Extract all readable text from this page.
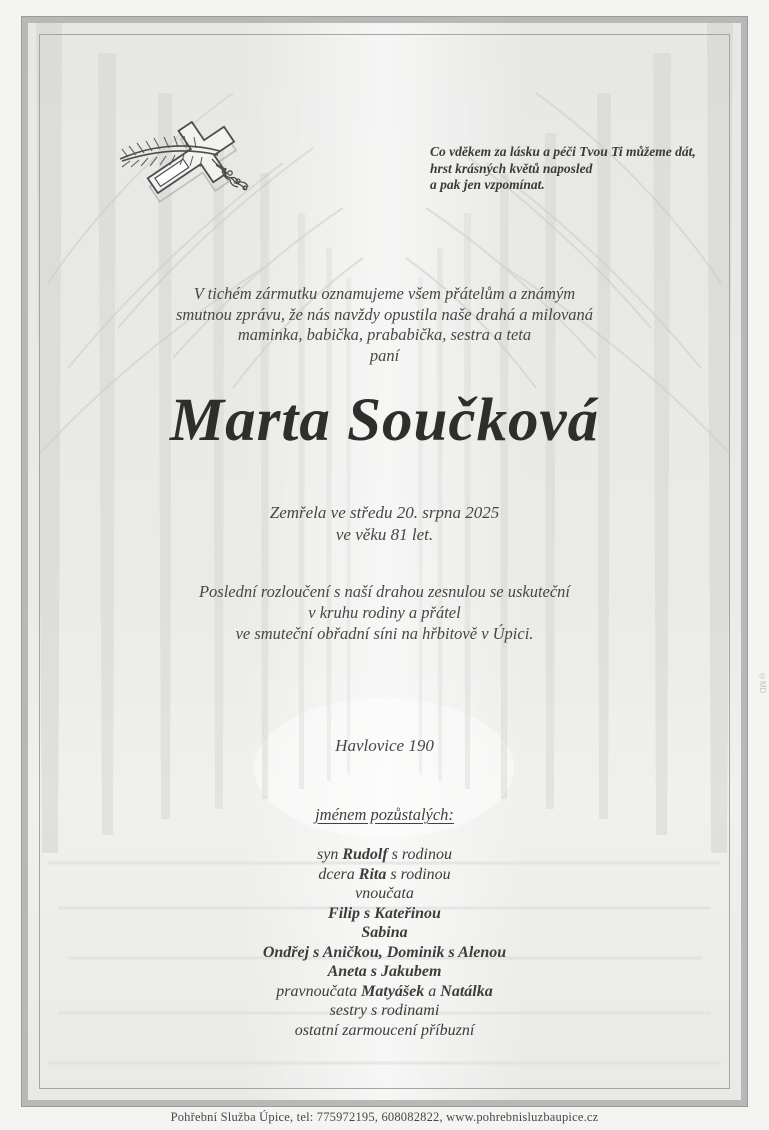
Co vděkem za lásku a péči Tvou Ti můžeme dát,
hrst krásných květů naposled
a pak jen vzpomínat.
V tichém zármutku oznamujeme všem přátelům a známým
smutnou zprávu, že nás navždy opustila naše drahá a milovaná
maminka, babička, prababička, sestra a teta
paní
Marta Součková
Zemřela ve středu 20. srpna 2025
ve věku 81 let.
Poslední rozloučení s naší drahou zesnulou se uskuteční
v kruhu rodiny a přátel
ve smuteční obřadní síni na hřbitově v Úpici.
Havlovice 190
jménem pozůstalých:
syn Rudolf s rodinou
dcera Rita s rodinou
vnoučata
Filip s Kateřinou
Sabina
Ondřej s Aničkou, Dominik s Alenou
Aneta s Jakubem
pravnoučata Matyášek a Natálka
sestry s rodinami
ostatní zarmoucení příbuzní
Pohřební Služba Úpice, tel: 775972195, 608082822, www.pohrebnisluzbaupice.cz
©MD
